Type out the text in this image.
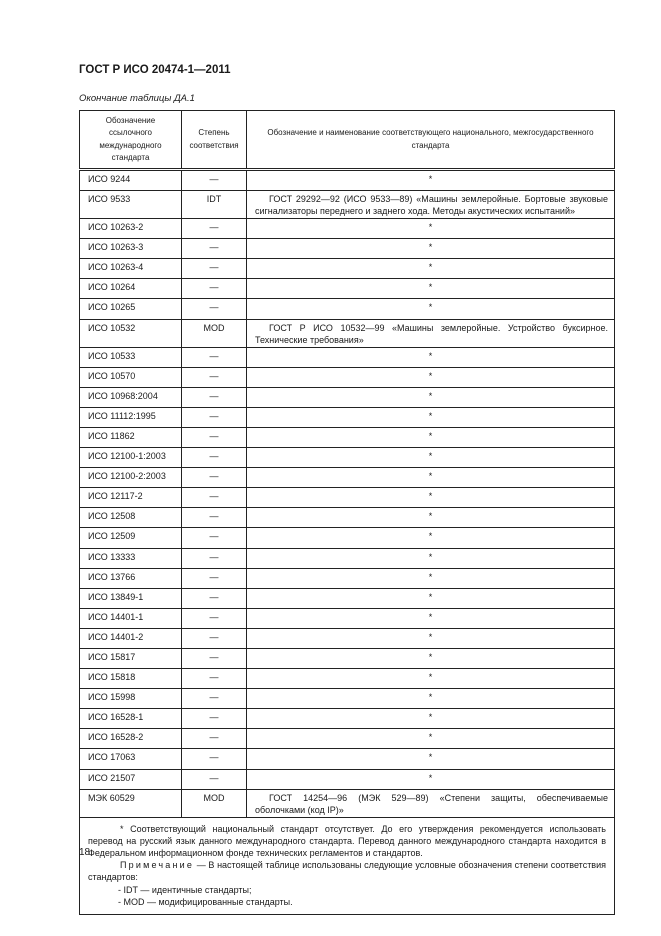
ГОСТ Р ИСО 20474-1—2011
Окончание таблицы ДА.1
Обозначение ссылочного международного стандарта	Степень соответствия	Обозначение и наименование соответствующего национального, межгосударственного стандарта
ИСО 9244	—	*
ИСО 9533	IDT	ГОСТ 29292—92 (ИСО 9533—89) «Машины землеройные. Бортовые звуковые сигнализаторы переднего и заднего хода. Методы акустических испытаний»
ИСО 10263-2	—	*
ИСО 10263-3	—	*
ИСО 10263-4	—	*
ИСО 10264	—	*
ИСО 10265	—	*
ИСО 10532	MOD	ГОСТ Р ИСО 10532—99 «Машины землеройные. Устройство буксирное. Технические требования»
ИСО 10533	—	*
ИСО 10570	—	*
ИСО 10968:2004	—	*
ИСО 11112:1995	—	*
ИСО 11862	—	*
ИСО 12100-1:2003	—	*
ИСО 12100-2:2003	—	*
ИСО 12117-2	—	*
ИСО 12508	—	*
ИСО 12509	—	*
ИСО 13333	—	*
ИСО 13766	—	*
ИСО 13849-1	—	*
ИСО 14401-1	—	*
ИСО 14401-2	—	*
ИСО 15817	—	*
ИСО 15818	—	*
ИСО 15998	—	*
ИСО 16528-1	—	*
ИСО 16528-2	—	*
ИСО 17063	—	*
ИСО 21507	—	*
МЭК 60529	MOD	ГОСТ 14254—96 (МЭК 529—89) «Степени защиты, обеспечиваемые оболочками (код IP)»

* Соответствующий национальный стандарт отсутствует. До его утверждения рекомендуется использовать перевод на русский язык данного международного стандарта. Перевод данного международного стандарта находится в Федеральном информационном фонде технических регламентов и стандартов.

Примечание — В настоящей таблице использованы следующие условные обозначения степени соответствия стандартов:

- IDT — идентичные стандарты;

- MOD — модифицированные стандарты.		

18
